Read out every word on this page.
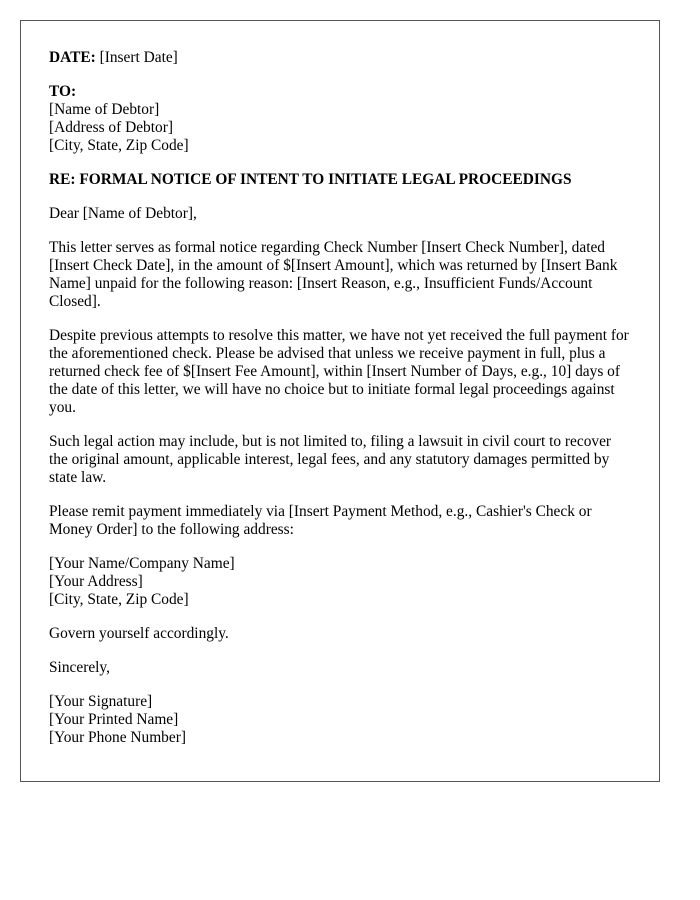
DATE: [Insert Date]
TO:
[Name of Debtor]
[Address of Debtor]
[City, State, Zip Code]
RE: FORMAL NOTICE OF INTENT TO INITIATE LEGAL PROCEEDINGS
Dear [Name of Debtor],
This letter serves as formal notice regarding Check Number [Insert Check Number], dated [Insert Check Date], in the amount of $[Insert Amount], which was returned by [Insert Bank Name] unpaid for the following reason: [Insert Reason, e.g., Insufficient Funds/Account Closed].
Despite previous attempts to resolve this matter, we have not yet received the full payment for the aforementioned check. Please be advised that unless we receive payment in full, plus a returned check fee of $[Insert Fee Amount], within [Insert Number of Days, e.g., 10] days of the date of this letter, we will have no choice but to initiate formal legal proceedings against you.
Such legal action may include, but is not limited to, filing a lawsuit in civil court to recover the original amount, applicable interest, legal fees, and any statutory damages permitted by state law.
Please remit payment immediately via [Insert Payment Method, e.g., Cashier's Check or Money Order] to the following address:
[Your Name/Company Name]
[Your Address]
[City, State, Zip Code]
Govern yourself accordingly.
Sincerely,
[Your Signature]
[Your Printed Name]
[Your Phone Number]
